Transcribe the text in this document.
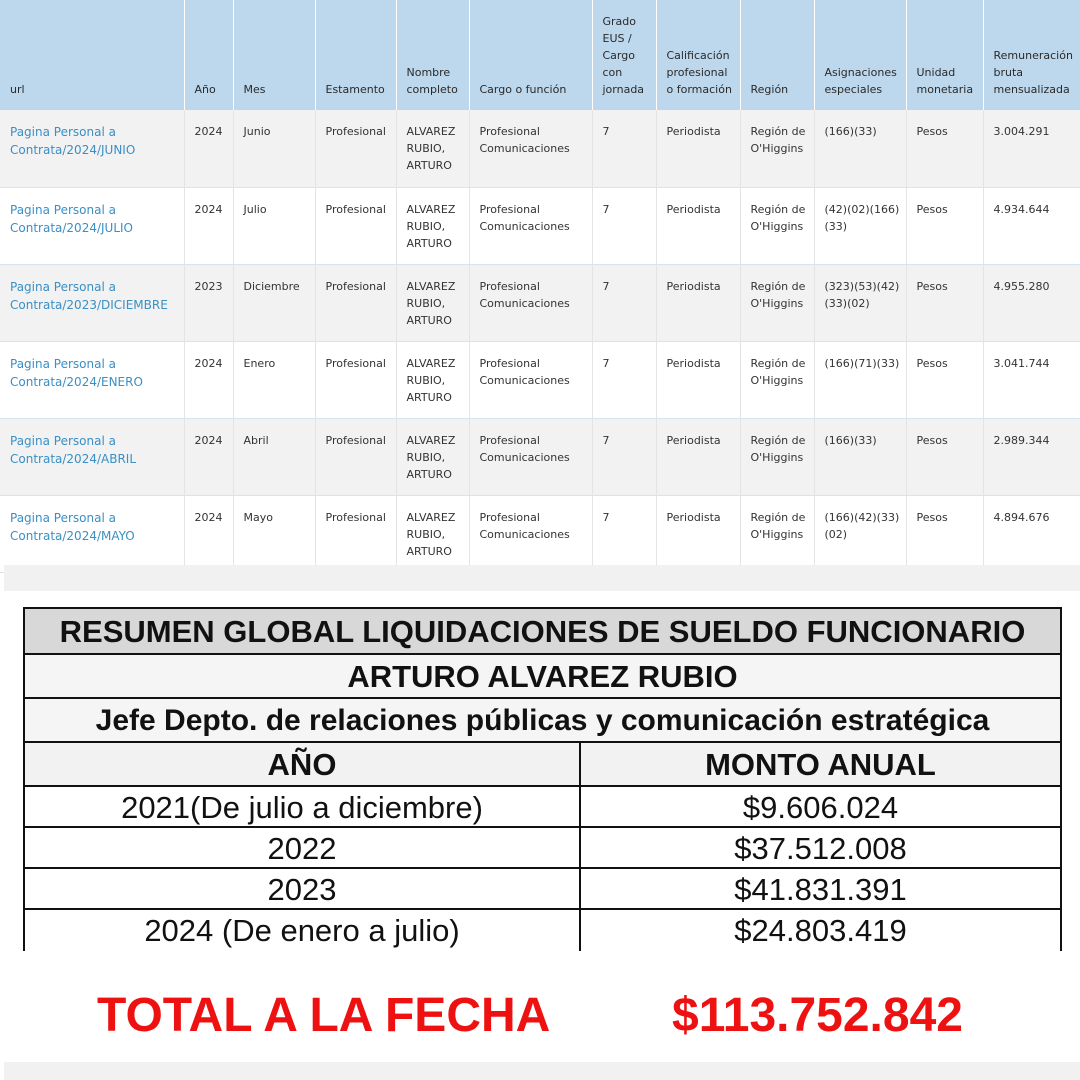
url	Año	Mes	Estamento	Nombre completo	Cargo o función	Grado EUS / Cargo con jornada	Calificación profesional o formación	Región	Asignaciones especiales	Unidad monetaria	Remuneración bruta mensualizada
Pagina Personal a Contrata/2024/JUNIO	2024	Junio	Profesional	ALVAREZ RUBIO, ARTURO	Profesional Comunicaciones	7	Periodista	Región de O'Higgins	(166)(33)	Pesos	3.004.291
Pagina Personal a Contrata/2024/JULIO	2024	Julio	Profesional	ALVAREZ RUBIO, ARTURO	Profesional Comunicaciones	7	Periodista	Región de O'Higgins	(42)(02)(166)(33)	Pesos	4.934.644
Pagina Personal a Contrata/2023/DICIEMBRE	2023	Diciembre	Profesional	ALVAREZ RUBIO, ARTURO	Profesional Comunicaciones	7	Periodista	Región de O'Higgins	(323)(53)(42)(33)(02)	Pesos	4.955.280
Pagina Personal a Contrata/2024/ENERO	2024	Enero	Profesional	ALVAREZ RUBIO, ARTURO	Profesional Comunicaciones	7	Periodista	Región de O'Higgins	(166)(71)(33)	Pesos	3.041.744
Pagina Personal a Contrata/2024/ABRIL	2024	Abril	Profesional	ALVAREZ RUBIO, ARTURO	Profesional Comunicaciones	7	Periodista	Región de O'Higgins	(166)(33)	Pesos	2.989.344
Pagina Personal a Contrata/2024/MAYO	2024	Mayo	Profesional	ALVAREZ RUBIO, ARTURO	Profesional Comunicaciones	7	Periodista	Región de O'Higgins	(166)(42)(33)(02)	Pesos	4.894.676
RESUMEN GLOBAL LIQUIDACIONES DE SUELDO FUNCIONARIO
ARTURO ALVAREZ RUBIO
Jefe Depto. de relaciones públicas y comunicación estratégica
AÑO	MONTO ANUAL
2021(De julio a diciembre)	$9.606.024
2022	$37.512.008
2023	$41.831.391
2024 (De enero a julio)	$24.803.419
TOTAL A LA FECHA	$113.752.842
